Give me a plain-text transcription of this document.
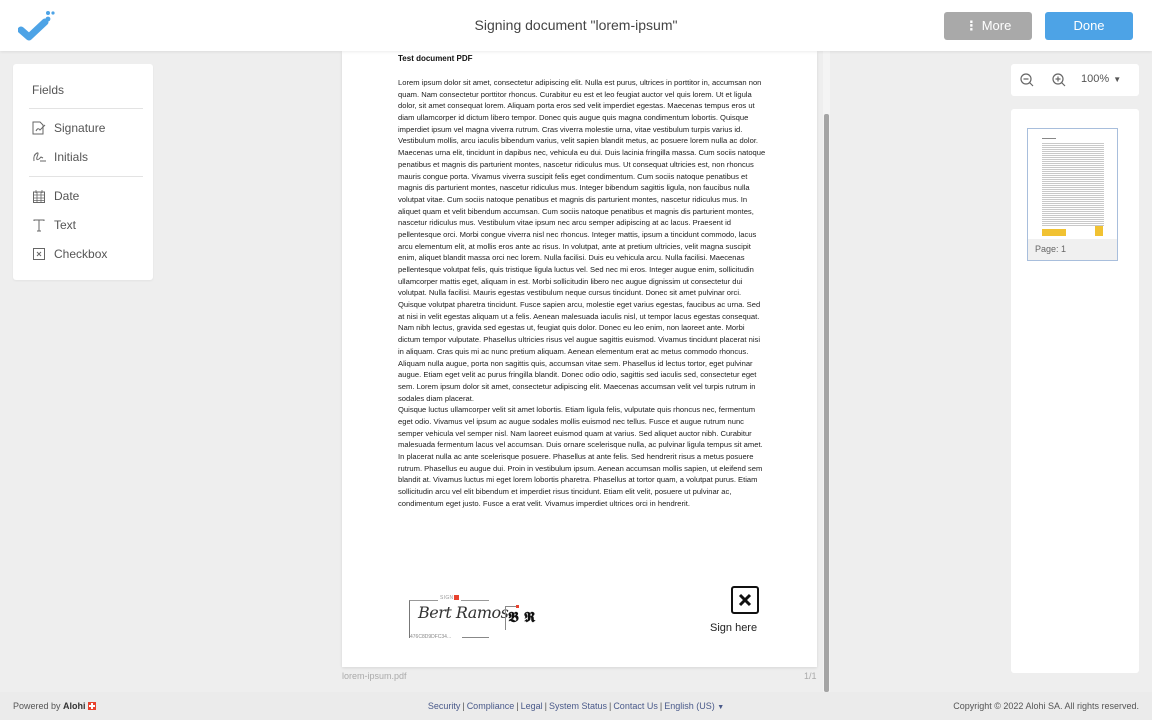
Signing document "lorem-ipsum"	⋮ More	Done
Fields
Signature
Initials
Date
Text
Checkbox
Test document PDF

Lorem ipsum dolor sit amet, consectetur adipiscing elit. Nulla est purus, ultrices in porttitor in, accumsan non quam. Nam consectetur porttitor rhoncus. Curabitur eu est et leo feugiat auctor vel quis lorem. Ut et ligula dolor, sit amet consequat lorem. Aliquam porta eros sed velit imperdiet egestas. Maecenas tempus eros ut diam ullamcorper id dictum libero tempor. Donec quis augue quis magna condimentum lobortis. Quisque imperdiet ipsum vel magna viverra rutrum. Cras viverra molestie urna, vitae vestibulum turpis varius id. Vestibulum mollis, arcu iaculis bibendum varius, velit sapien blandit metus, ac posuere lorem nulla ac dolor. Maecenas urna elit, tincidunt in dapibus nec, vehicula eu dui. Duis lacinia fringilla massa. Cum sociis natoque penatibus et magnis dis parturient montes, nascetur ridiculus mus. Ut consequat ultricies est, non rhoncus mauris congue porta. Vivamus viverra suscipit felis eget condimentum. Cum sociis natoque penatibus et magnis dis parturient montes, nascetur ridiculus mus. Integer bibendum sagittis ligula, non faucibus nulla volutpat vitae. Cum sociis natoque penatibus et magnis dis parturient montes, nascetur ridiculus mus. In aliquet quam et velit bibendum accumsan. Cum sociis natoque penatibus et magnis dis parturient montes, nascetur ridiculus mus. Vestibulum vitae ipsum nec arcu semper adipiscing at ac lacus. Praesent id pellentesque orci. Morbi congue viverra nisl nec rhoncus. Integer mattis, ipsum a tincidunt commodo, lacus arcu elementum elit, at mollis eros ante ac risus. In volutpat, ante at pretium ultricies, velit magna suscipit enim, aliquet blandit massa orci nec lorem. Nulla facilisi. Duis eu vehicula arcu. Nulla facilisi. Maecenas pellentesque volutpat felis, quis tristique ligula luctus vel. Sed nec mi eros. Integer augue enim, sollicitudin ullamcorper mattis eget, aliquam in est. Morbi sollicitudin libero nec augue dignissim ut consectetur dui volutpat. Nulla facilisi. Mauris egestas vestibulum neque cursus tincidunt. Donec sit amet pulvinar orci.

Quisque volutpat pharetra tincidunt. Fusce sapien arcu, molestie eget varius egestas, faucibus ac urna. Sed at nisi in velit egestas aliquam ut a felis. Aenean malesuada iaculis nisl, ut tempor lacus egestas consequat. Nam nibh lectus, gravida sed egestas ut, feugiat quis dolor. Donec eu leo enim, non laoreet ante. Morbi dictum tempor vulputate. Phasellus ultricies risus vel augue sagittis euismod. Vivamus tincidunt placerat nisi in aliquam. Cras quis mi ac nunc pretium aliquam. Aenean elementum erat ac metus commodo rhoncus. Aliquam nulla augue, porta non sagittis quis, accumsan vitae sem. Phasellus id lectus tortor, eget pulvinar augue. Etiam eget velit ac purus fringilla blandit. Donec odio odio, sagittis sed iaculis sed, consectetur eget sem. Lorem ipsum dolor sit amet, consectetur adipiscing elit. Maecenas accumsan velit vel turpis rutrum in sodales diam placerat.

Quisque luctus ullamcorper velit sit amet lobortis. Etiam ligula felis, vulputate quis rhoncus nec, fermentum eget odio. Vivamus vel ipsum ac augue sodales mollis euismod nec tellus. Fusce et augue rutrum nunc semper vehicula vel semper nisl. Nam laoreet euismod quam at varius. Sed aliquet auctor nibh. Curabitur malesuada fermentum lacus vel accumsan. Duis ornare scelerisque nulla, ac pulvinar ligula tempus sit amet. In placerat nulla ac ante scelerisque posuere. Phasellus at ante felis. Sed hendrerit risus a metus posuere rutrum. Phasellus eu augue dui. Proin in vestibulum ipsum. Aenean accumsan mollis sapien, ut eleifend sem blandit at. Vivamus luctus mi eget lorem lobortis pharetra. Phasellus at tortor quam, a volutpat purus. Etiam sollicitudin arcu vel elit bibendum et imperdiet risus tincidunt. Etiam elit velit, posuere ut pulvinar ac, condimentum eget justo. Fusce a erat velit. Vivamus imperdiet ultrices orci in hendrerit.

SIGN
Bert Ramos
476C8D9DFC34...
𝕭 𝕽
Sign here
lorem-ipsum.pdf	1/1
100% ▼
Page: 1
Powered by Alohi	Security | Compliance | Legal | System Status | Contact Us | English (US) ▼	Copyright © 2022 Alohi SA. All rights reserved.
